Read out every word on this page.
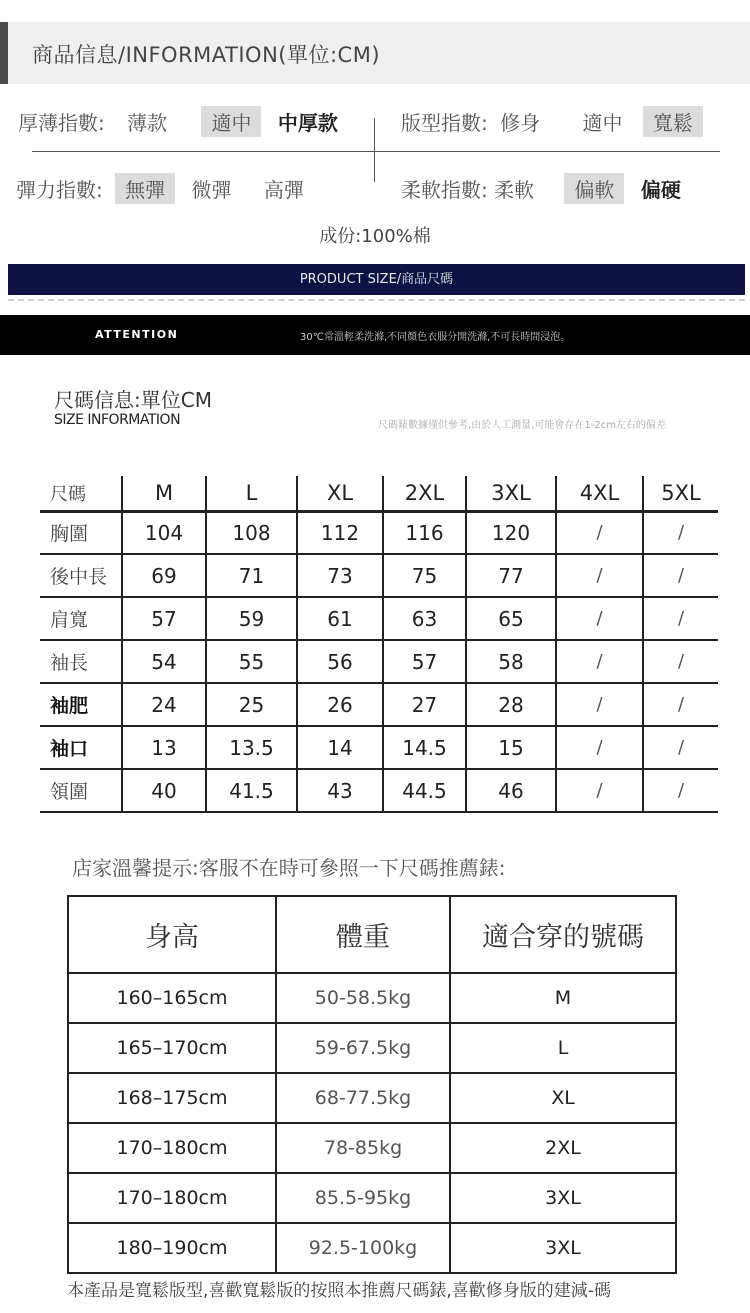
商品信息/INFORMATION(單位:CM)
厚薄指數: 薄款 適中 中厚款	版型指數: 修身 適中 寬鬆
彈力指數: 無彈 微彈 高彈	柔軟指數: 柔軟 偏軟 偏硬
成份:100%棉
PRODUCT SIZE/商品尺碼
ATTENTION	30℃常溫輕柔洗滌,不同顏色衣服分開洗滌,不可長時間浸泡。
尺碼信息:單位CM
SIZE INFORMATION	尺碼錶數據僅供參考,由於人工測量,可能會存在1-2cm左右的偏差
尺碼	M	L	XL	2XL	3XL	4XL	5XL
胸圍	104	108	112	116	120	/	/
後中長	69	71	73	75	77	/	/
肩寬	57	59	61	63	65	/	/
袖長	54	55	56	57	58	/	/
袖肥	24	25	26	27	28	/	/
袖口	13	13.5	14	14.5	15	/	/
領圍	40	41.5	43	44.5	46	/	/
店家溫馨提示:客服不在時可參照一下尺碼推薦錶:
身高	體重	適合穿的號碼
160–165cm	50-58.5kg	M
165–170cm	59-67.5kg	L
168–175cm	68-77.5kg	XL
170–180cm	78-85kg	2XL
170–180cm	85.5-95kg	3XL
180–190cm	92.5-100kg	3XL
本產品是寬鬆版型,喜歡寬鬆版的按照本推薦尺碼錶,喜歡修身版的建減-碼
